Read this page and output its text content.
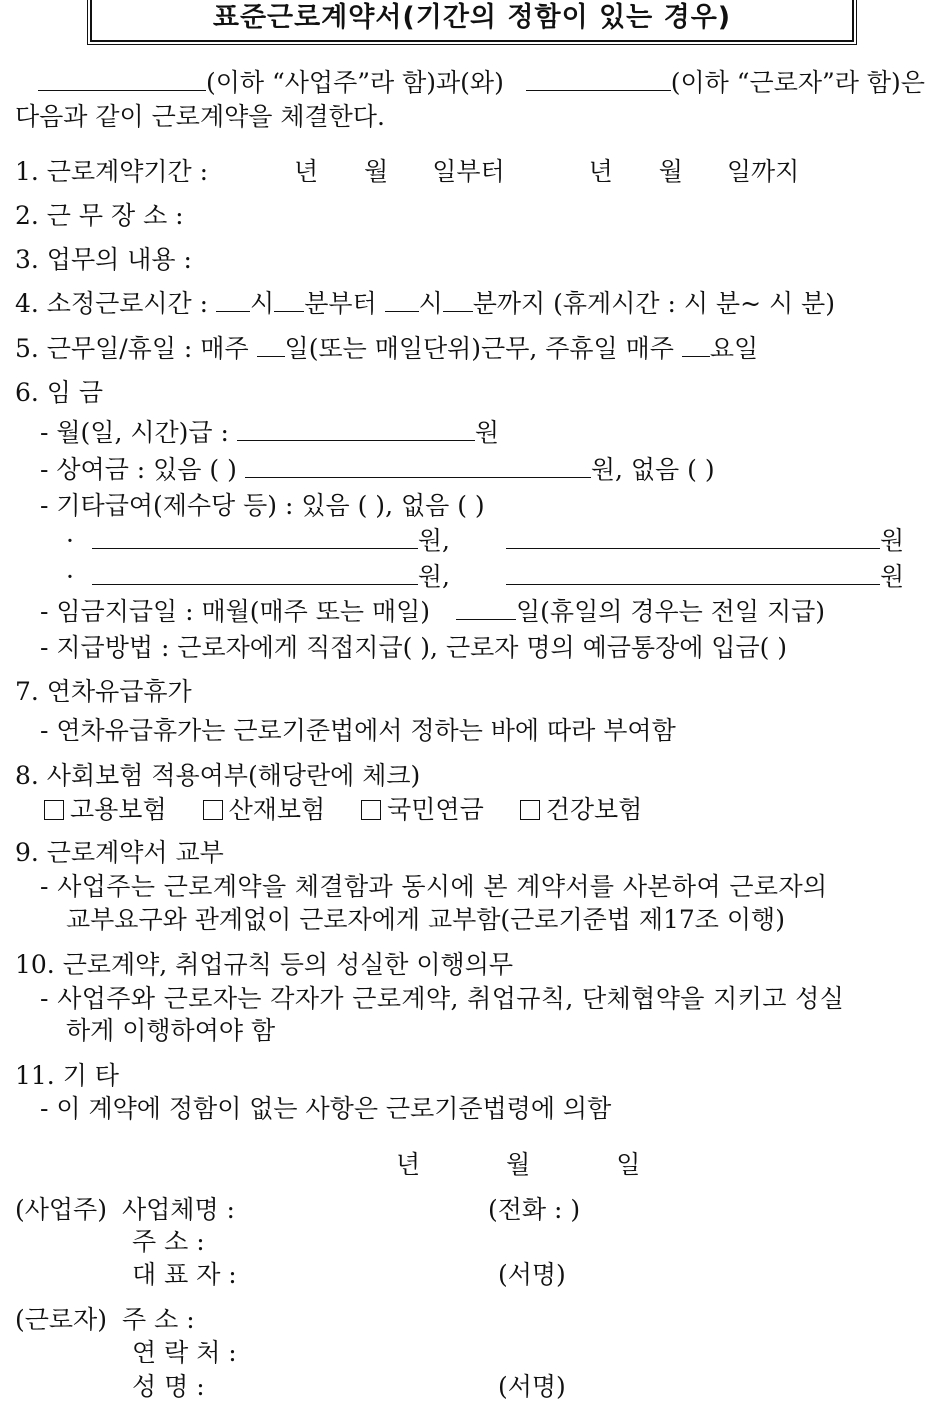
표준근로계약서(기간의 정함이 있는 경우)
(이하 “사업주”라 함)과(와)	(이하 “근로자”라 함)은
다음과 같이 근로계약을 체결한다.
1. 근로계약기간 :	년 월 일부터	년 월 일까지
2. 근 무 장 소 :
3. 업무의 내용 :
4. 소정근로시간 : 시 분부터 시 분까지 (휴게시간 : 시 분~ 시 분)
5. 근무일/휴일 : 매주 일(또는 매일단위)근무, 주휴일 매주 요일
6. 임 금
- 월(일, 시간)급 :	원
- 상여금 : 있음 ( )	원, 없음 ( )
- 기타급여(제수당 등) : 있음 ( ), 없음 ( )
·	원,	원
·	원,	원
- 임금지급일 : 매월(매주 또는 매일)	일(휴일의 경우는 전일 지급)
- 지급방법 : 근로자에게 직접지급( ), 근로자 명의 예금통장에 입금( )
7. 연차유급휴가
- 연차유급휴가는 근로기준법에서 정하는 바에 따라 부여함
8. 사회보험 적용여부(해당란에 체크)
고용보험 산재보험 국민연금 건강보험
9. 근로계약서 교부
- 사업주는 근로계약을 체결함과 동시에 본 계약서를 사본하여 근로자의
교부요구와 관계없이 근로자에게 교부함(근로기준법 제17조 이행)
10. 근로계약, 취업규칙 등의 성실한 이행의무
- 사업주와 근로자는 각자가 근로계약, 취업규칙, 단체협약을 지키고 성실
하게 이행하여야 함
11. 기 타
- 이 계약에 정함이 없는 사항은 근로기준법령에 의함
년	월	일
(사업주) 사업체명 :	(전화 : )
주 소 :
대 표 자 :	(서명)
(근로자) 주 소 :
연 락 처 :
성 명 :	(서명)
